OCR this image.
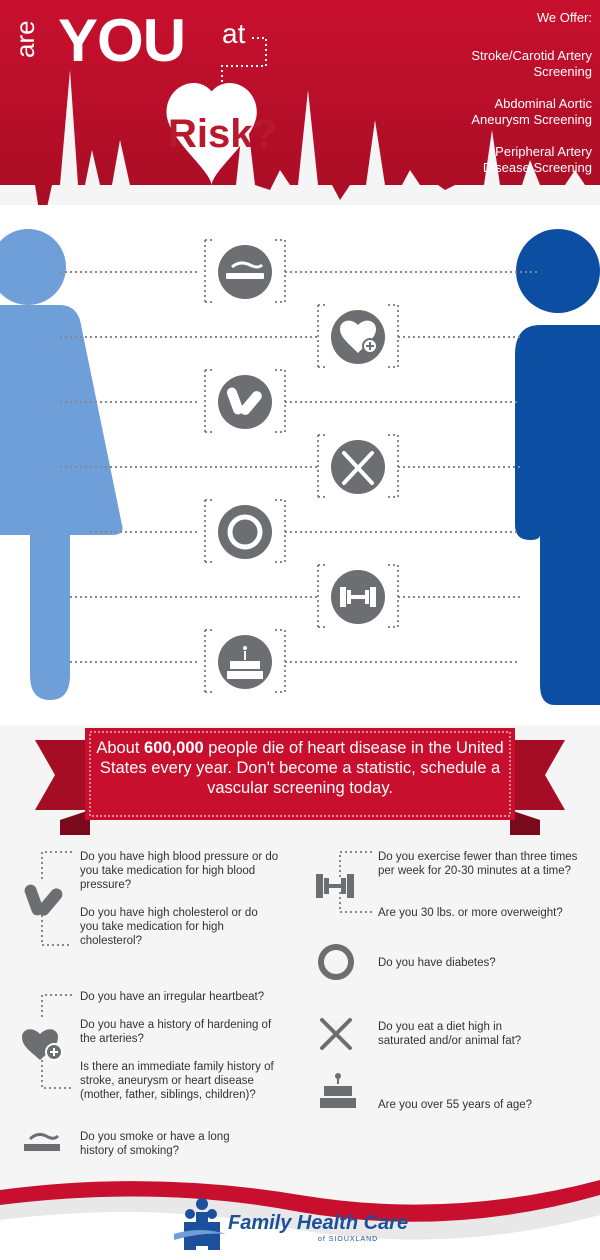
are YOU at
Risk?
We Offer:
Stroke/Carotid Artery Screening
Abdominal Aortic Aneurysm Screening
Peripheral Artery Disease Screening
About 600,000 people die of heart disease in the United States every year. Don't become a statistic, schedule a vascular screening today.
Do you have high blood pressure or do you take medication for high blood pressure?
Do you have high cholesterol or do you take medication for high cholesterol?
Do you have an irregular heartbeat?
Do you have a history of hardening of the arteries?
Is there an immediate family history of stroke, aneurysm or heart disease (mother, father, siblings, children)?
Do you smoke or have a long history of smoking?
Do you exercise fewer than three times per week for 20-30 minutes at a time?
Are you 30 lbs. or more overweight?
Do you have diabetes?
Do you eat a diet high in saturated and/or animal fat?
Are you over 55 years of age?
Family Health Care
of SIOUXLAND
